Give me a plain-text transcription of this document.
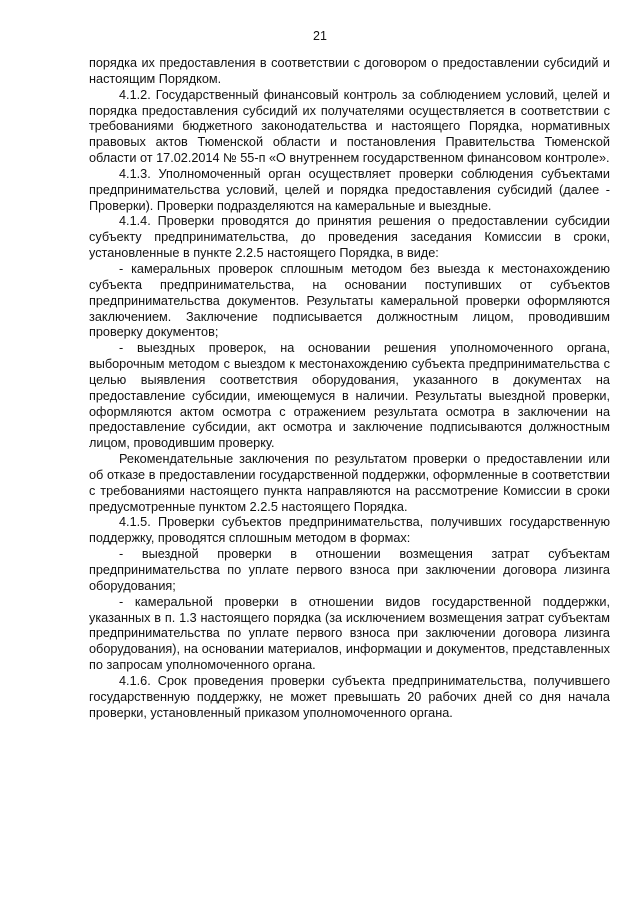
21

порядка их предоставления в соответствии с договором о предоставлении субсидий и настоящим Порядком.

4.1.2. Государственный финансовый контроль за соблюдением условий, целей и порядка предоставления субсидий их получателями осуществляется в соответствии с требованиями бюджетного законодательства и настоящего Порядка, нормативных правовых актов Тюменской области и постановления Правительства Тюменской области от 17.02.2014 № 55-п «О внутреннем государственном финансовом контроле».

4.1.3. Уполномоченный орган осуществляет проверки соблюдения субъектами предпринимательства условий, целей и порядка предоставления субсидий (далее - Проверки). Проверки подразделяются на камеральные и выездные.

4.1.4. Проверки проводятся до принятия решения о предоставлении субсидии субъекту предпринимательства, до проведения заседания Комиссии в сроки, установленные в пункте 2.2.5 настоящего Порядка, в виде:

- камеральных проверок сплошным методом без выезда к местонахождению субъекта предпринимательства, на основании поступивших от субъектов предпринимательства документов. Результаты камеральной проверки оформляются заключением. Заключение подписывается должностным лицом, проводившим проверку документов;

- выездных проверок, на основании решения уполномоченного органа, выборочным методом с выездом к местонахождению субъекта предпринимательства с целью выявления соответствия оборудования, указанного в документах на предоставление субсидии, имеющемуся в наличии. Результаты выездной проверки, оформляются актом осмотра с отражением результата осмотра в заключении на предоставление субсидии, акт осмотра и заключение подписываются должностным лицом, проводившим проверку.

Рекомендательные заключения по результатом проверки о предоставлении или об отказе в предоставлении государственной поддержки, оформленные в соответствии с требованиями настоящего пункта направляются на рассмотрение Комиссии в сроки предусмотренные пунктом 2.2.5 настоящего Порядка.

4.1.5. Проверки субъектов предпринимательства, получивших государственную поддержку, проводятся сплошным методом в формах:

- выездной проверки в отношении возмещения затрат субъектам предпринимательства по уплате первого взноса при заключении договора лизинга оборудования;

- камеральной проверки в отношении видов государственной поддержки, указанных в п. 1.3 настоящего порядка (за исключением возмещения затрат субъектам предпринимательства по уплате первого взноса при заключении договора лизинга оборудования), на основании материалов, информации и документов, представленных по запросам уполномоченного органа.

4.1.6. Срок проведения проверки субъекта предпринимательства, получившего государственную поддержку, не может превышать 20 рабочих дней со дня начала проверки, установленный приказом уполномоченного органа.
